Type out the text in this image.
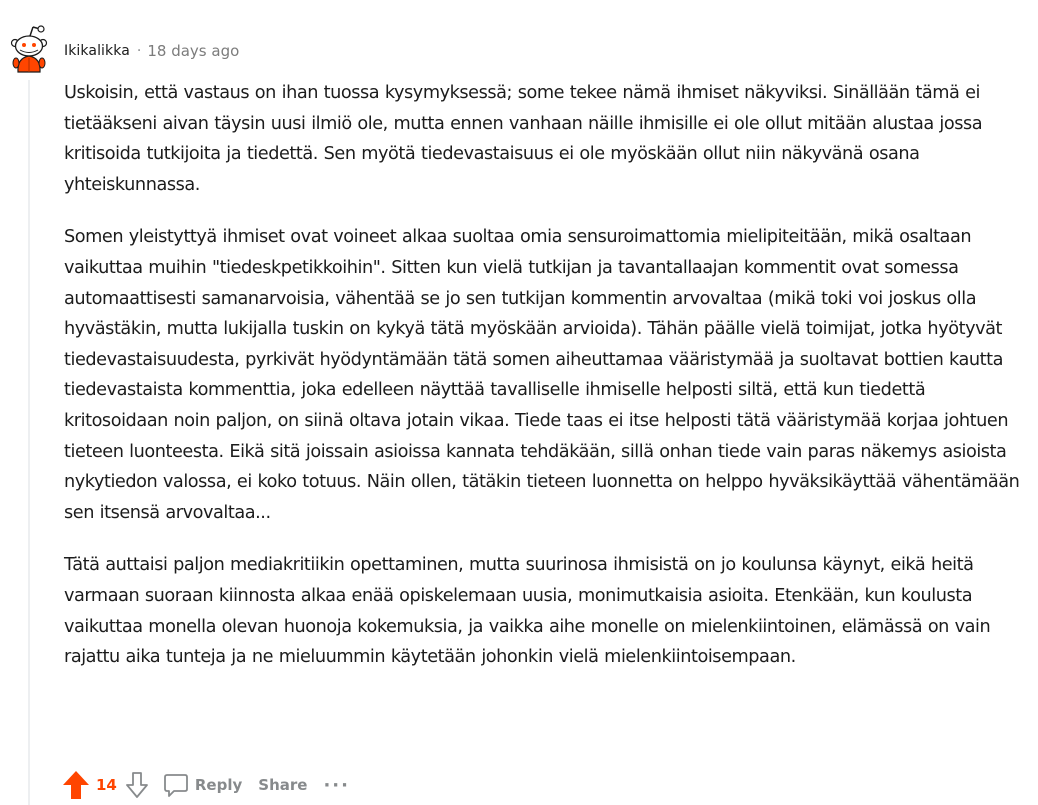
Ikikalikka · 18 days ago

Uskoisin, että vastaus on ihan tuossa kysymyksessä; some tekee nämä ihmiset näkyviksi. Sinällään tämä ei tietääkseni aivan täysin uusi ilmiö ole, mutta ennen vanhaan näille ihmisille ei ole ollut mitään alustaa jossa kritisoida tutkijoita ja tiedettä. Sen myötä tiedevastaisuus ei ole myöskään ollut niin näkyvänä osana yhteiskunnassa.

Somen yleistyttyä ihmiset ovat voineet alkaa suoltaa omia sensuroimattomia mielipiteitään, mikä osaltaan vaikuttaa muihin "tiedeskpetikkoihin". Sitten kun vielä tutkijan ja tavantallaajan kommentit ovat somessa automaattisesti samanarvoisia, vähentää se jo sen tutkijan kommentin arvovaltaa (mikä toki voi joskus olla hyvästäkin, mutta lukijalla tuskin on kykyä tätä myöskään arvioida). Tähän päälle vielä toimijat, jotka hyötyvät tiedevastaisuudesta, pyrkivät hyödyntämään tätä somen aiheuttamaa vääristymää ja suoltavat bottien kautta tiedevastaista kommenttia, joka edelleen näyttää tavalliselle ihmiselle helposti siltä, että kun tiedettä kritosoidaan noin paljon, on siinä oltava jotain vikaa. Tiede taas ei itse helposti tätä vääristymää korjaa johtuen tieteen luonteesta. Eikä sitä joissain asioissa kannata tehdäkään, sillä onhan tiede vain paras näkemys asioista nykytiedon valossa, ei koko totuus. Näin ollen, tätäkin tieteen luonnetta on helppo hyväksikäyttää vähentämään sen itsensä arvovaltaa...

Tätä auttaisi paljon mediakritiikin opettaminen, mutta suurinosa ihmisistä on jo koulunsa käynyt, eikä heitä varmaan suoraan kiinnosta alkaa enää opiskelemaan uusia, monimutkaisia asioita. Etenkään, kun koulusta vaikuttaa monella olevan huonoja kokemuksia, ja vaikka aihe monelle on mielenkiintoinen, elämässä on vain rajattu aika tunteja ja ne mieluummin käytetään johonkin vielä mielenkiintoisempaan.

14	Reply Share ···
